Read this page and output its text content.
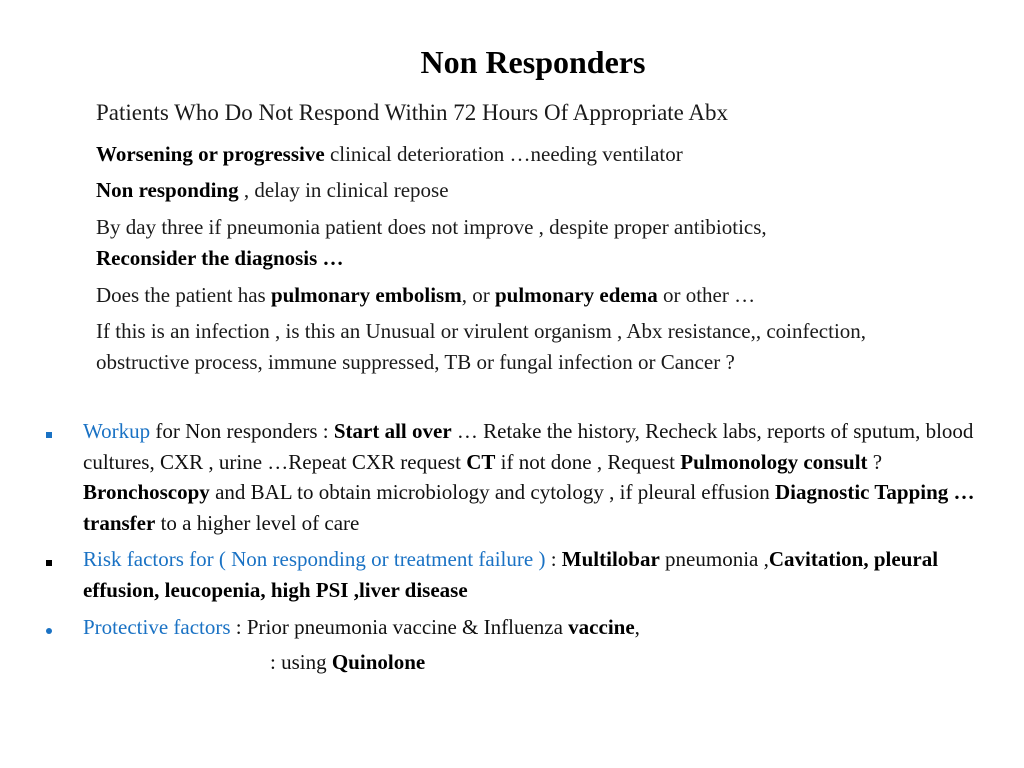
Non Responders
Patients Who Do Not Respond Within 72 Hours Of Appropriate Abx
Worsening or progressive clinical deterioration …needing ventilator
Non responding , delay in clinical repose
By day three if pneumonia patient does not improve , despite proper antibiotics,
Reconsider the diagnosis …
Does the patient has pulmonary embolism, or pulmonary edema or other …
If this is an infection , is this an Unusual or virulent organism , Abx resistance,, coinfection, obstructive process, immune suppressed, TB or fungal infection or Cancer ?
Workup for Non responders : Start all over … Retake the history, Recheck labs, reports of sputum, blood cultures, CXR , urine …Repeat CXR request CT if not done , Request Pulmonology consult ? Bronchoscopy and BAL to obtain microbiology and cytology , if pleural effusion Diagnostic Tapping …transfer to a higher level of care
Risk factors for ( Non responding or treatment failure ) : Multilobar pneumonia ,Cavitation, pleural effusion, leucopenia, high PSI ,liver disease
Protective factors : Prior pneumonia vaccine & Influenza vaccine,
: using Quinolone
